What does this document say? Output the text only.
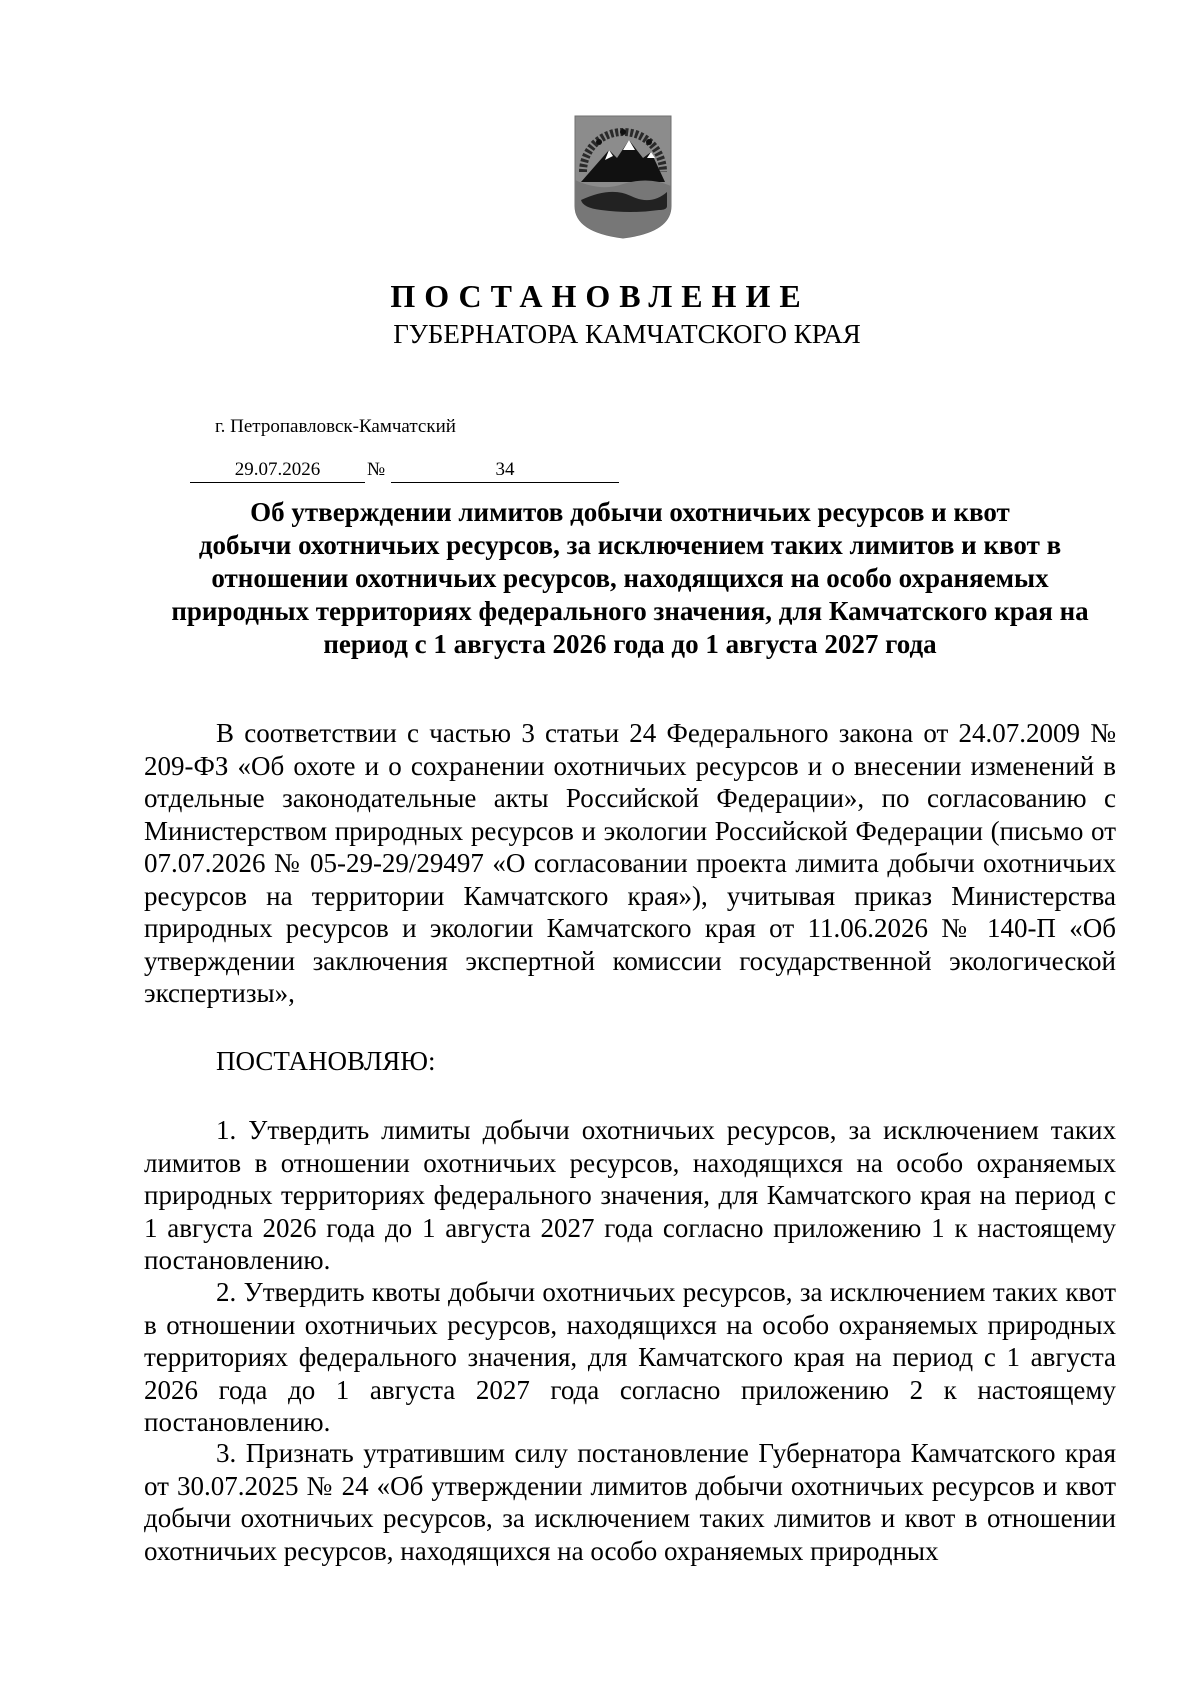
ПОСТАНОВЛЕНИЕ
ГУБЕРНАТОРА КАМЧАТСКОГО КРАЯ
г. Петропавловск-Камчатский
29.07.2026	№	34
Об утверждении лимитов добычи охотничьих ресурсов и квот
добычи охотничьих ресурсов, за исключением таких лимитов и квот в
отношении охотничьих ресурсов, находящихся на особо охраняемых
природных территориях федерального значения, для Камчатского края на
период с 1 августа 2026 года до 1 августа 2027 года

В соответствии с частью 3 статьи 24 Федерального закона от 24.07.2009 № 209-ФЗ «Об охоте и о сохранении охотничьих ресурсов и о внесении изменений в отдельные законодательные акты Российской Федерации», по согласованию с Министерством природных ресурсов и экологии Российской Федерации (письмо от 07.07.2026 № 05-29-29/29497 «О согласовании проекта лимита добычи охотничьих ресурсов на территории Камчатского края»), учитывая приказ Министерства природных ресурсов и экологии Камчатского края от 11.06.2026 № 140-П «Об утверждении заключения экспертной комиссии государственной экологической экспертизы»,

ПОСТАНОВЛЯЮ:

1. Утвердить лимиты добычи охотничьих ресурсов, за исключением таких лимитов в отношении охотничьих ресурсов, находящихся на особо охраняемых природных территориях федерального значения, для Камчатского края на период с 1 августа 2026 года до 1 августа 2027 года согласно приложению 1 к настоящему постановлению.

2. Утвердить квоты добычи охотничьих ресурсов, за исключением таких квот в отношении охотничьих ресурсов, находящихся на особо охраняемых природных территориях федерального значения, для Камчатского края на период с 1 августа 2026 года до 1 августа 2027 года согласно приложению 2 к настоящему постановлению.

3. Признать утратившим силу постановление Губернатора Камчатского края от 30.07.2025 № 24 «Об утверждении лимитов добычи охотничьих ресурсов и квот добычи охотничьих ресурсов, за исключением таких лимитов и квот в отношении охотничьих ресурсов, находящихся на особо охраняемых природных
